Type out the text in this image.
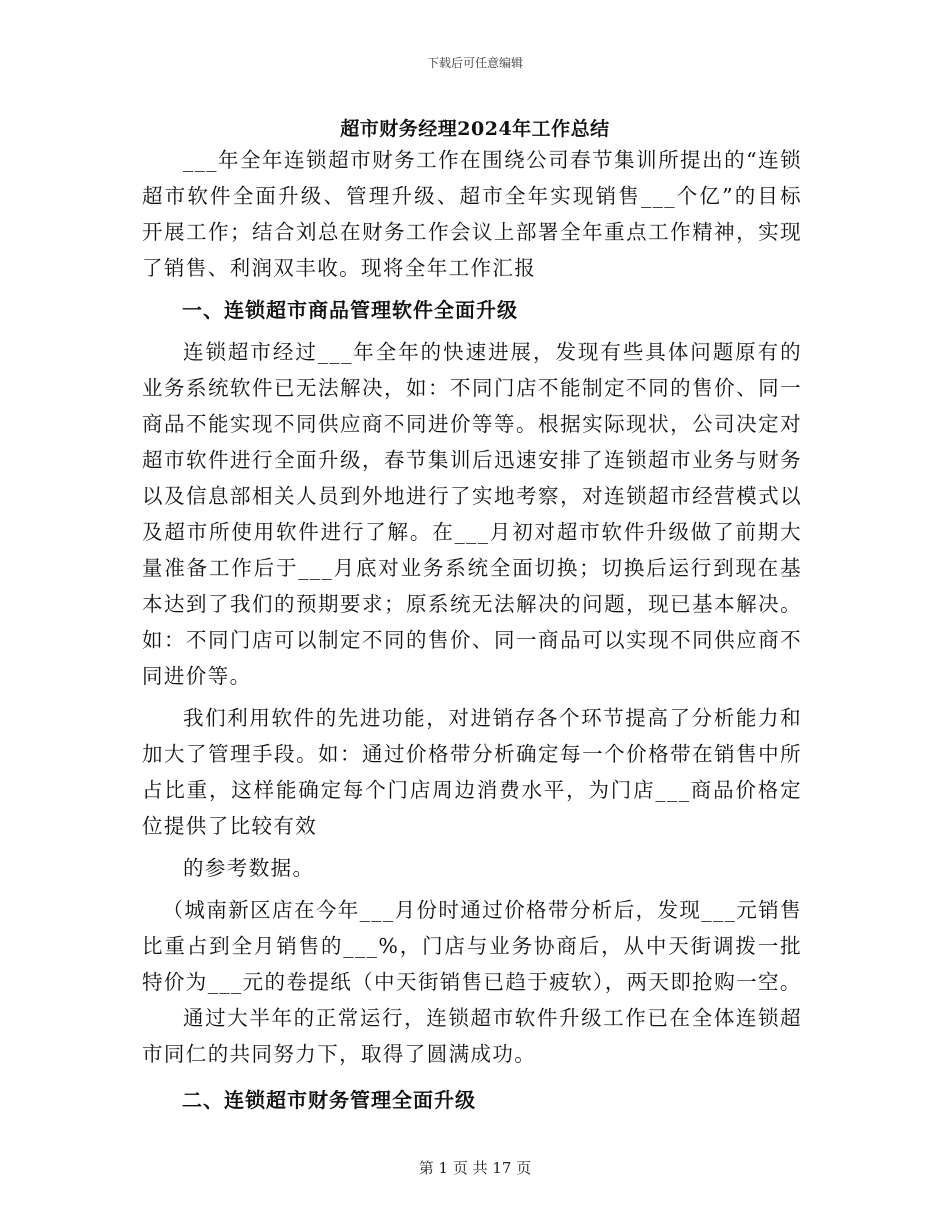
下载后可任意编辑
超市财务经理2024年工作总结

___年全年连锁超市财务工作在围绕公司春节集训所提出的“连锁超市软件全面升级、管理升级、超市全年实现销售___个亿”的目标开展工作；结合刘总在财务工作会议上部署全年重点工作精神，实现了销售、利润双丰收。现将全年工作汇报

一、连锁超市商品管理软件全面升级

连锁超市经过___年全年的快速进展，发现有些具体问题原有的业务系统软件已无法解决，如：不同门店不能制定不同的售价、同一商品不能实现不同供应商不同进价等等。根据实际现状，公司决定对超市软件进行全面升级，春节集训后迅速安排了连锁超市业务与财务以及信息部相关人员到外地进行了实地考察，对连锁超市经营模式以及超市所使用软件进行了解。在___月初对超市软件升级做了前期大量准备工作后于___月底对业务系统全面切换；切换后运行到现在基本达到了我们的预期要求；原系统无法解决的问题，现已基本解决。如：不同门店可以制定不同的售价、同一商品可以实现不同供应商不同进价等。

我们利用软件的先进功能，对进销存各个环节提高了分析能力和加大了管理手段。如：通过价格带分析确定每一个价格带在销售中所占比重，这样能确定每个门店周边消费水平，为门店___商品价格定位提供了比较有效

的参考数据。

（城南新区店在今年___月份时通过价格带分析后，发现___元销售比重占到全月销售的___%，门店与业务协商后，从中天街调拨一批特价为___元的卷提纸（中天街销售已趋于疲软），两天即抢购一空。

通过大半年的正常运行，连锁超市软件升级工作已在全体连锁超市同仁的共同努力下，取得了圆满成功。

二、连锁超市财务管理全面升级

第 1 页 共 17 页
